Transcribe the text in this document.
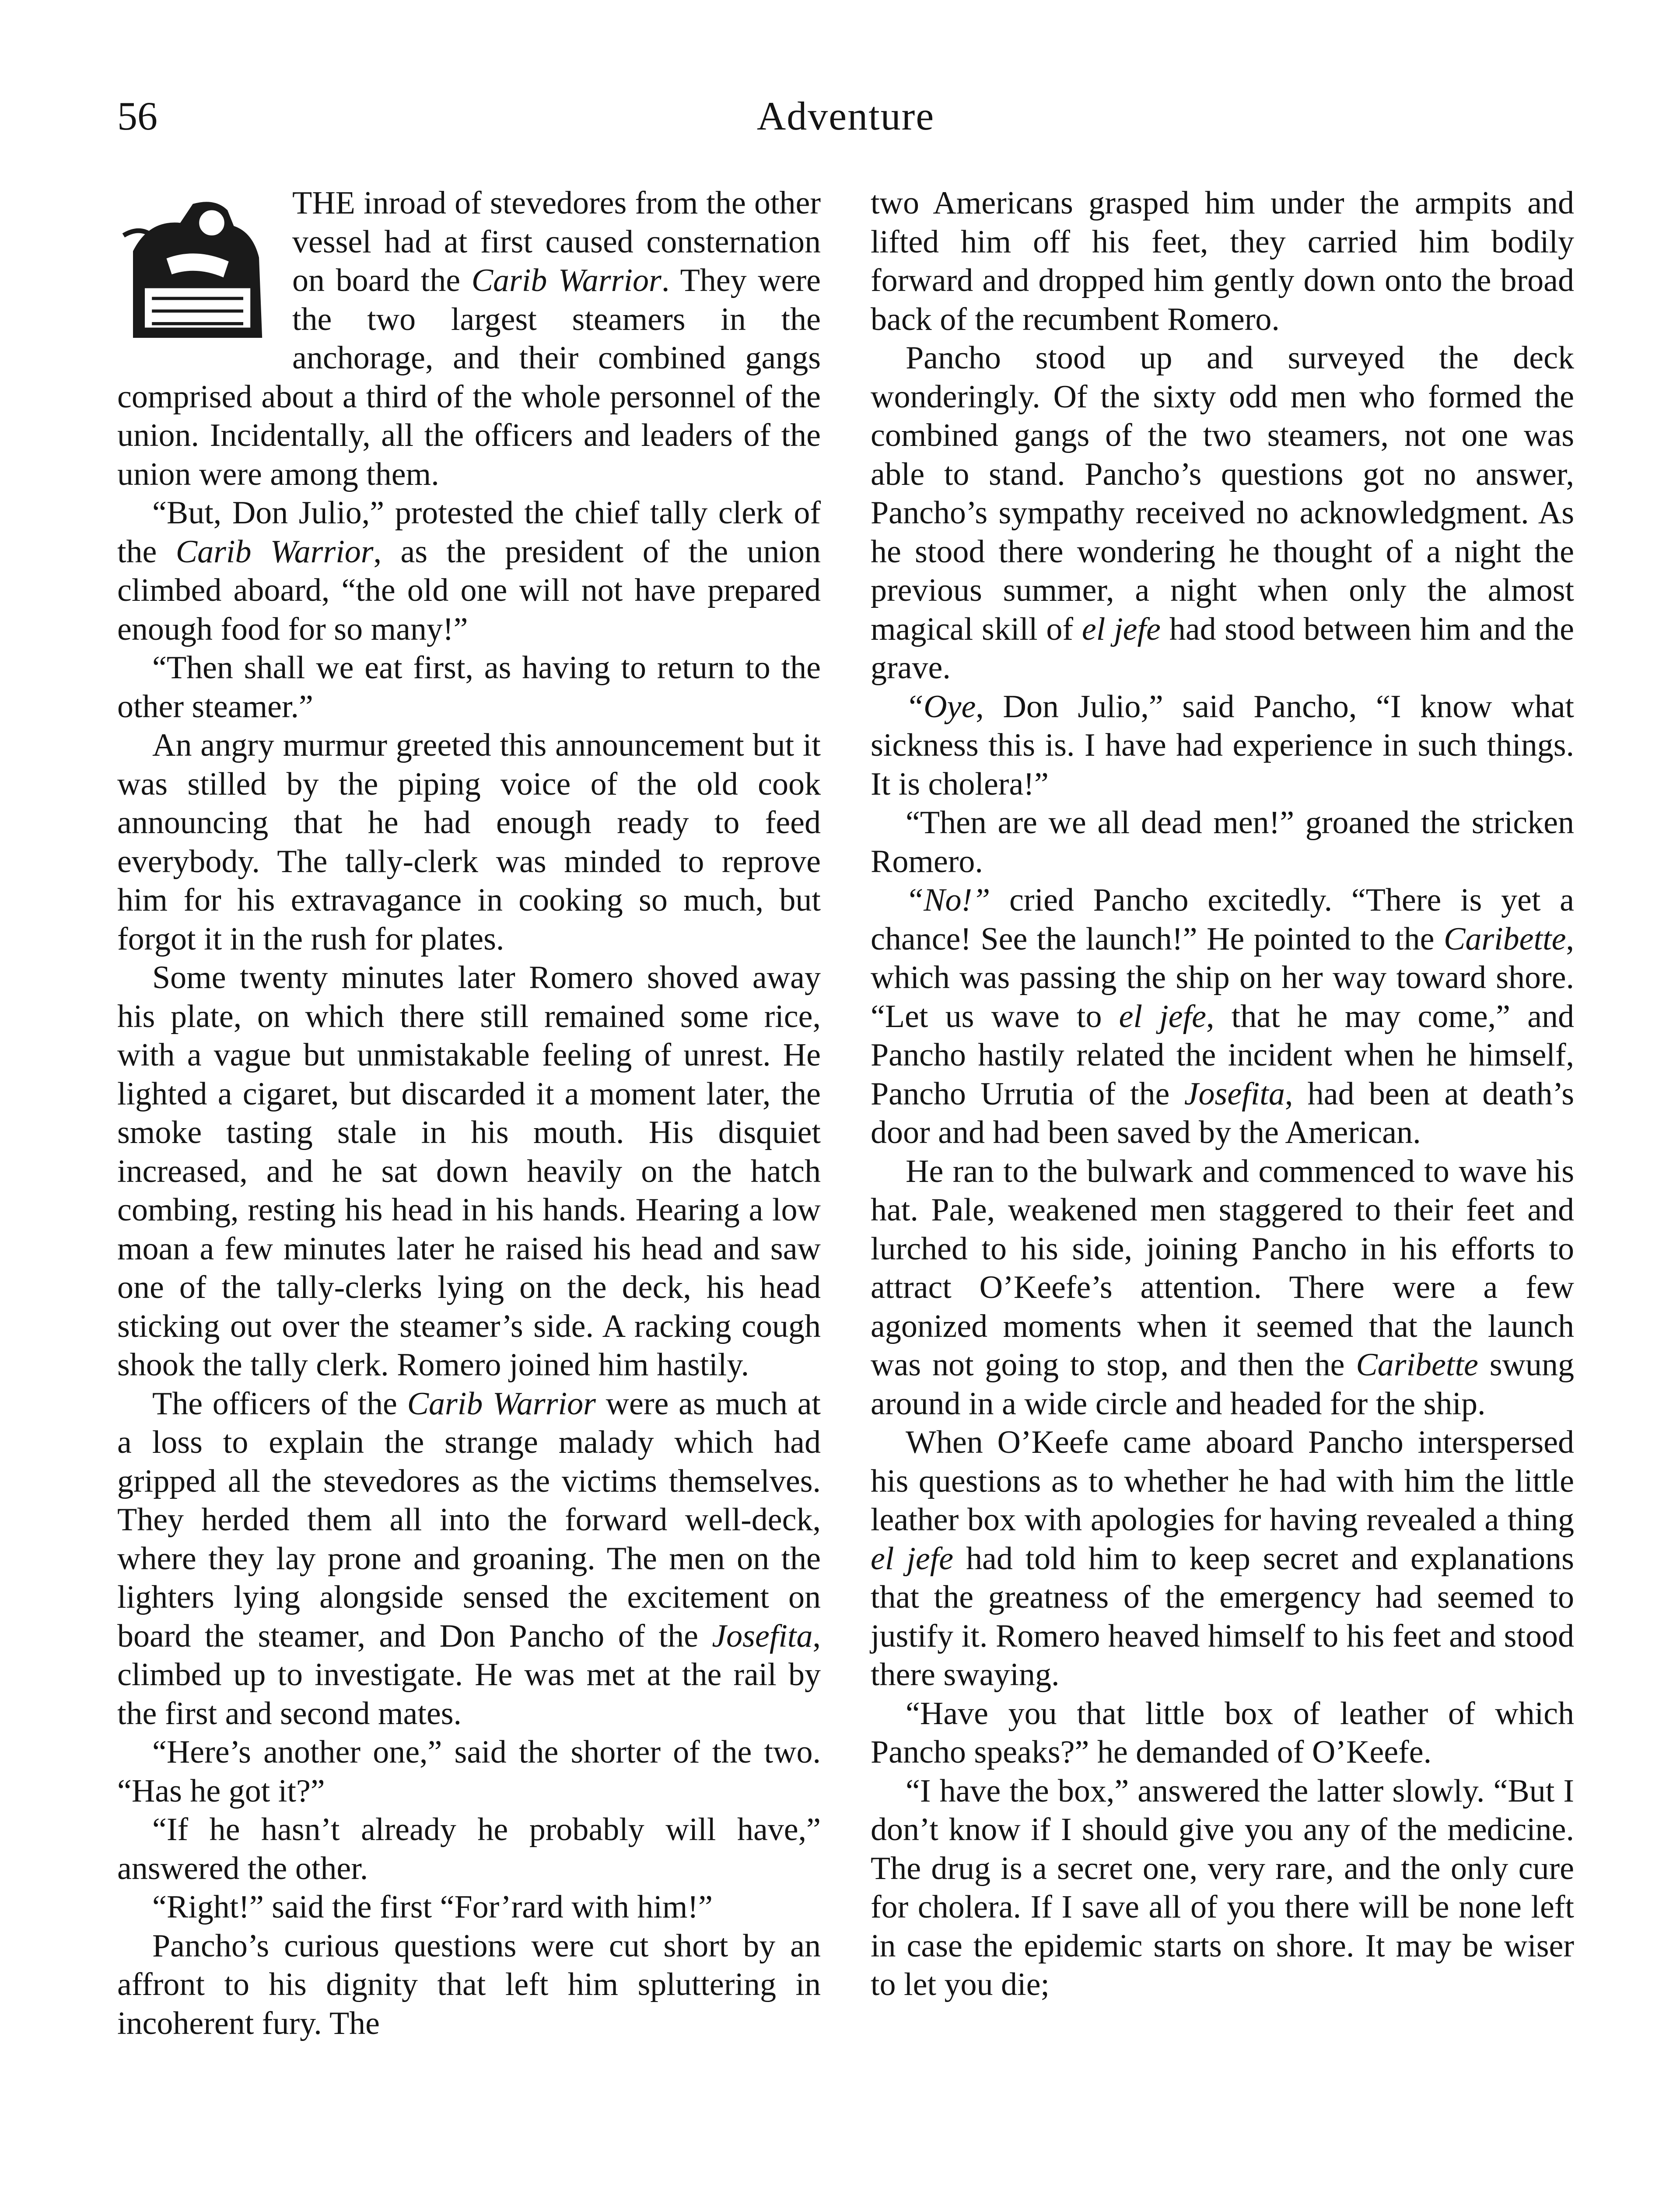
56	Adventure

THE inroad of stevedores from the other vessel had at first caused consternation on board the Carib Warrior. They were the two largest steamers in the anchorage, and their combined gangs comprised about a third of the whole personnel of the union. Incidentally, all the officers and leaders of the union were among them.

“But, Don Julio,” protested the chief tally clerk of the Carib Warrior, as the president of the union climbed aboard, “the old one will not have prepared enough food for so many!”

“Then shall we eat first, as having to return to the other steamer.”

An angry murmur greeted this announcement but it was stilled by the piping voice of the old cook announcing that he had enough ready to feed everybody. The tally-clerk was minded to reprove him for his extravagance in cooking so much, but forgot it in the rush for plates.

Some twenty minutes later Romero shoved away his plate, on which there still remained some rice, with a vague but unmistakable feeling of unrest. He lighted a cigaret, but discarded it a moment later, the smoke tasting stale in his mouth. His disquiet increased, and he sat down heavily on the hatch combing, resting his head in his hands. Hearing a low moan a few minutes later he raised his head and saw one of the tally-clerks lying on the deck, his head sticking out over the steamer’s side. A racking cough shook the tally clerk. Romero joined him hastily.

The officers of the Carib Warrior were as much at a loss to explain the strange malady which had gripped all the stevedores as the victims themselves. They herded them all into the forward well-deck, where they lay prone and groaning. The men on the lighters lying alongside sensed the excitement on board the steamer, and Don Pancho of the Josefita, climbed up to investigate. He was met at the rail by the first and second mates.

“Here’s another one,” said the shorter of the two. “Has he got it?”

“If he hasn’t already he probably will have,” answered the other.

“Right!” said the first “For’rard with him!”

Pancho’s curious questions were cut short by an affront to his dignity that left him spluttering in incoherent fury. The

two Americans grasped him under the armpits and lifted him off his feet, they carried him bodily forward and dropped him gently down onto the broad back of the recumbent Romero.

Pancho stood up and surveyed the deck wonderingly. Of the sixty odd men who formed the combined gangs of the two steamers, not one was able to stand. Pancho’s questions got no answer, Pancho’s sympathy received no acknowledgment. As he stood there wondering he thought of a night the previous summer, a night when only the almost magical skill of el jefe had stood between him and the grave.

“Oye, Don Julio,” said Pancho, “I know what sickness this is. I have had experience in such things. It is cholera!”

“Then are we all dead men!” groaned the stricken Romero.

“No!” cried Pancho excitedly. “There is yet a chance! See the launch!” He pointed to the Caribette, which was passing the ship on her way toward shore. “Let us wave to el jefe, that he may come,” and Pancho hastily related the incident when he himself, Pancho Urrutia of the Josefita, had been at death’s door and had been saved by the American.

He ran to the bulwark and commenced to wave his hat. Pale, weakened men staggered to their feet and lurched to his side, joining Pancho in his efforts to attract O’Keefe’s attention. There were a few agonized moments when it seemed that the launch was not going to stop, and then the Caribette swung around in a wide circle and headed for the ship.

When O’Keefe came aboard Pancho interspersed his questions as to whether he had with him the little leather box with apologies for having revealed a thing el jefe had told him to keep secret and explanations that the greatness of the emergency had seemed to justify it. Romero heaved himself to his feet and stood there swaying.

“Have you that little box of leather of which Pancho speaks?” he demanded of O’Keefe.

“I have the box,” answered the latter slowly. “But I don’t know if I should give you any of the medicine. The drug is a secret one, very rare, and the only cure for cholera. If I save all of you there will be none left in case the epidemic starts on shore. It may be wiser to let you die;
